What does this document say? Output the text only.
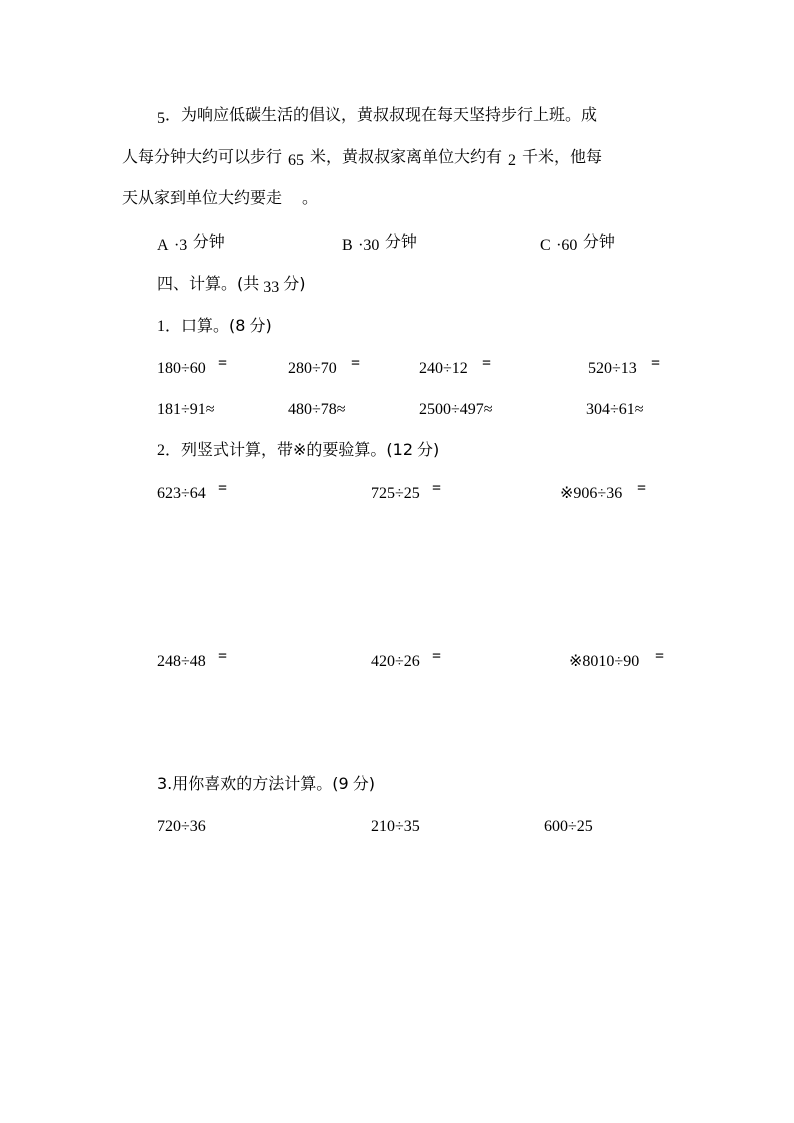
5．为响应低碳生活的倡议，黄叔叔现在每天坚持步行上班。成
人每分钟大约可以步行 65 米，黄叔叔家离单位大约有 2 千米，他每
天从家到单位大约要走 。
A ·3 分钟	B ·30 分钟	C ·60 分钟
四、计算。(共 33 分)
1．口算。(8 分)
180÷60 =	280÷70 =	240÷12 =	520÷13 =
181÷91≈	480÷78≈	2500÷497≈	304÷61≈
2．列竖式计算，带※的要验算。(12 分)
623÷64 =	725÷25 =	※906÷36 =
248÷48 =	420÷26 =	※8010÷90 =
3.用你喜欢的方法计算。(9 分)
720÷36	210÷35	600÷25
